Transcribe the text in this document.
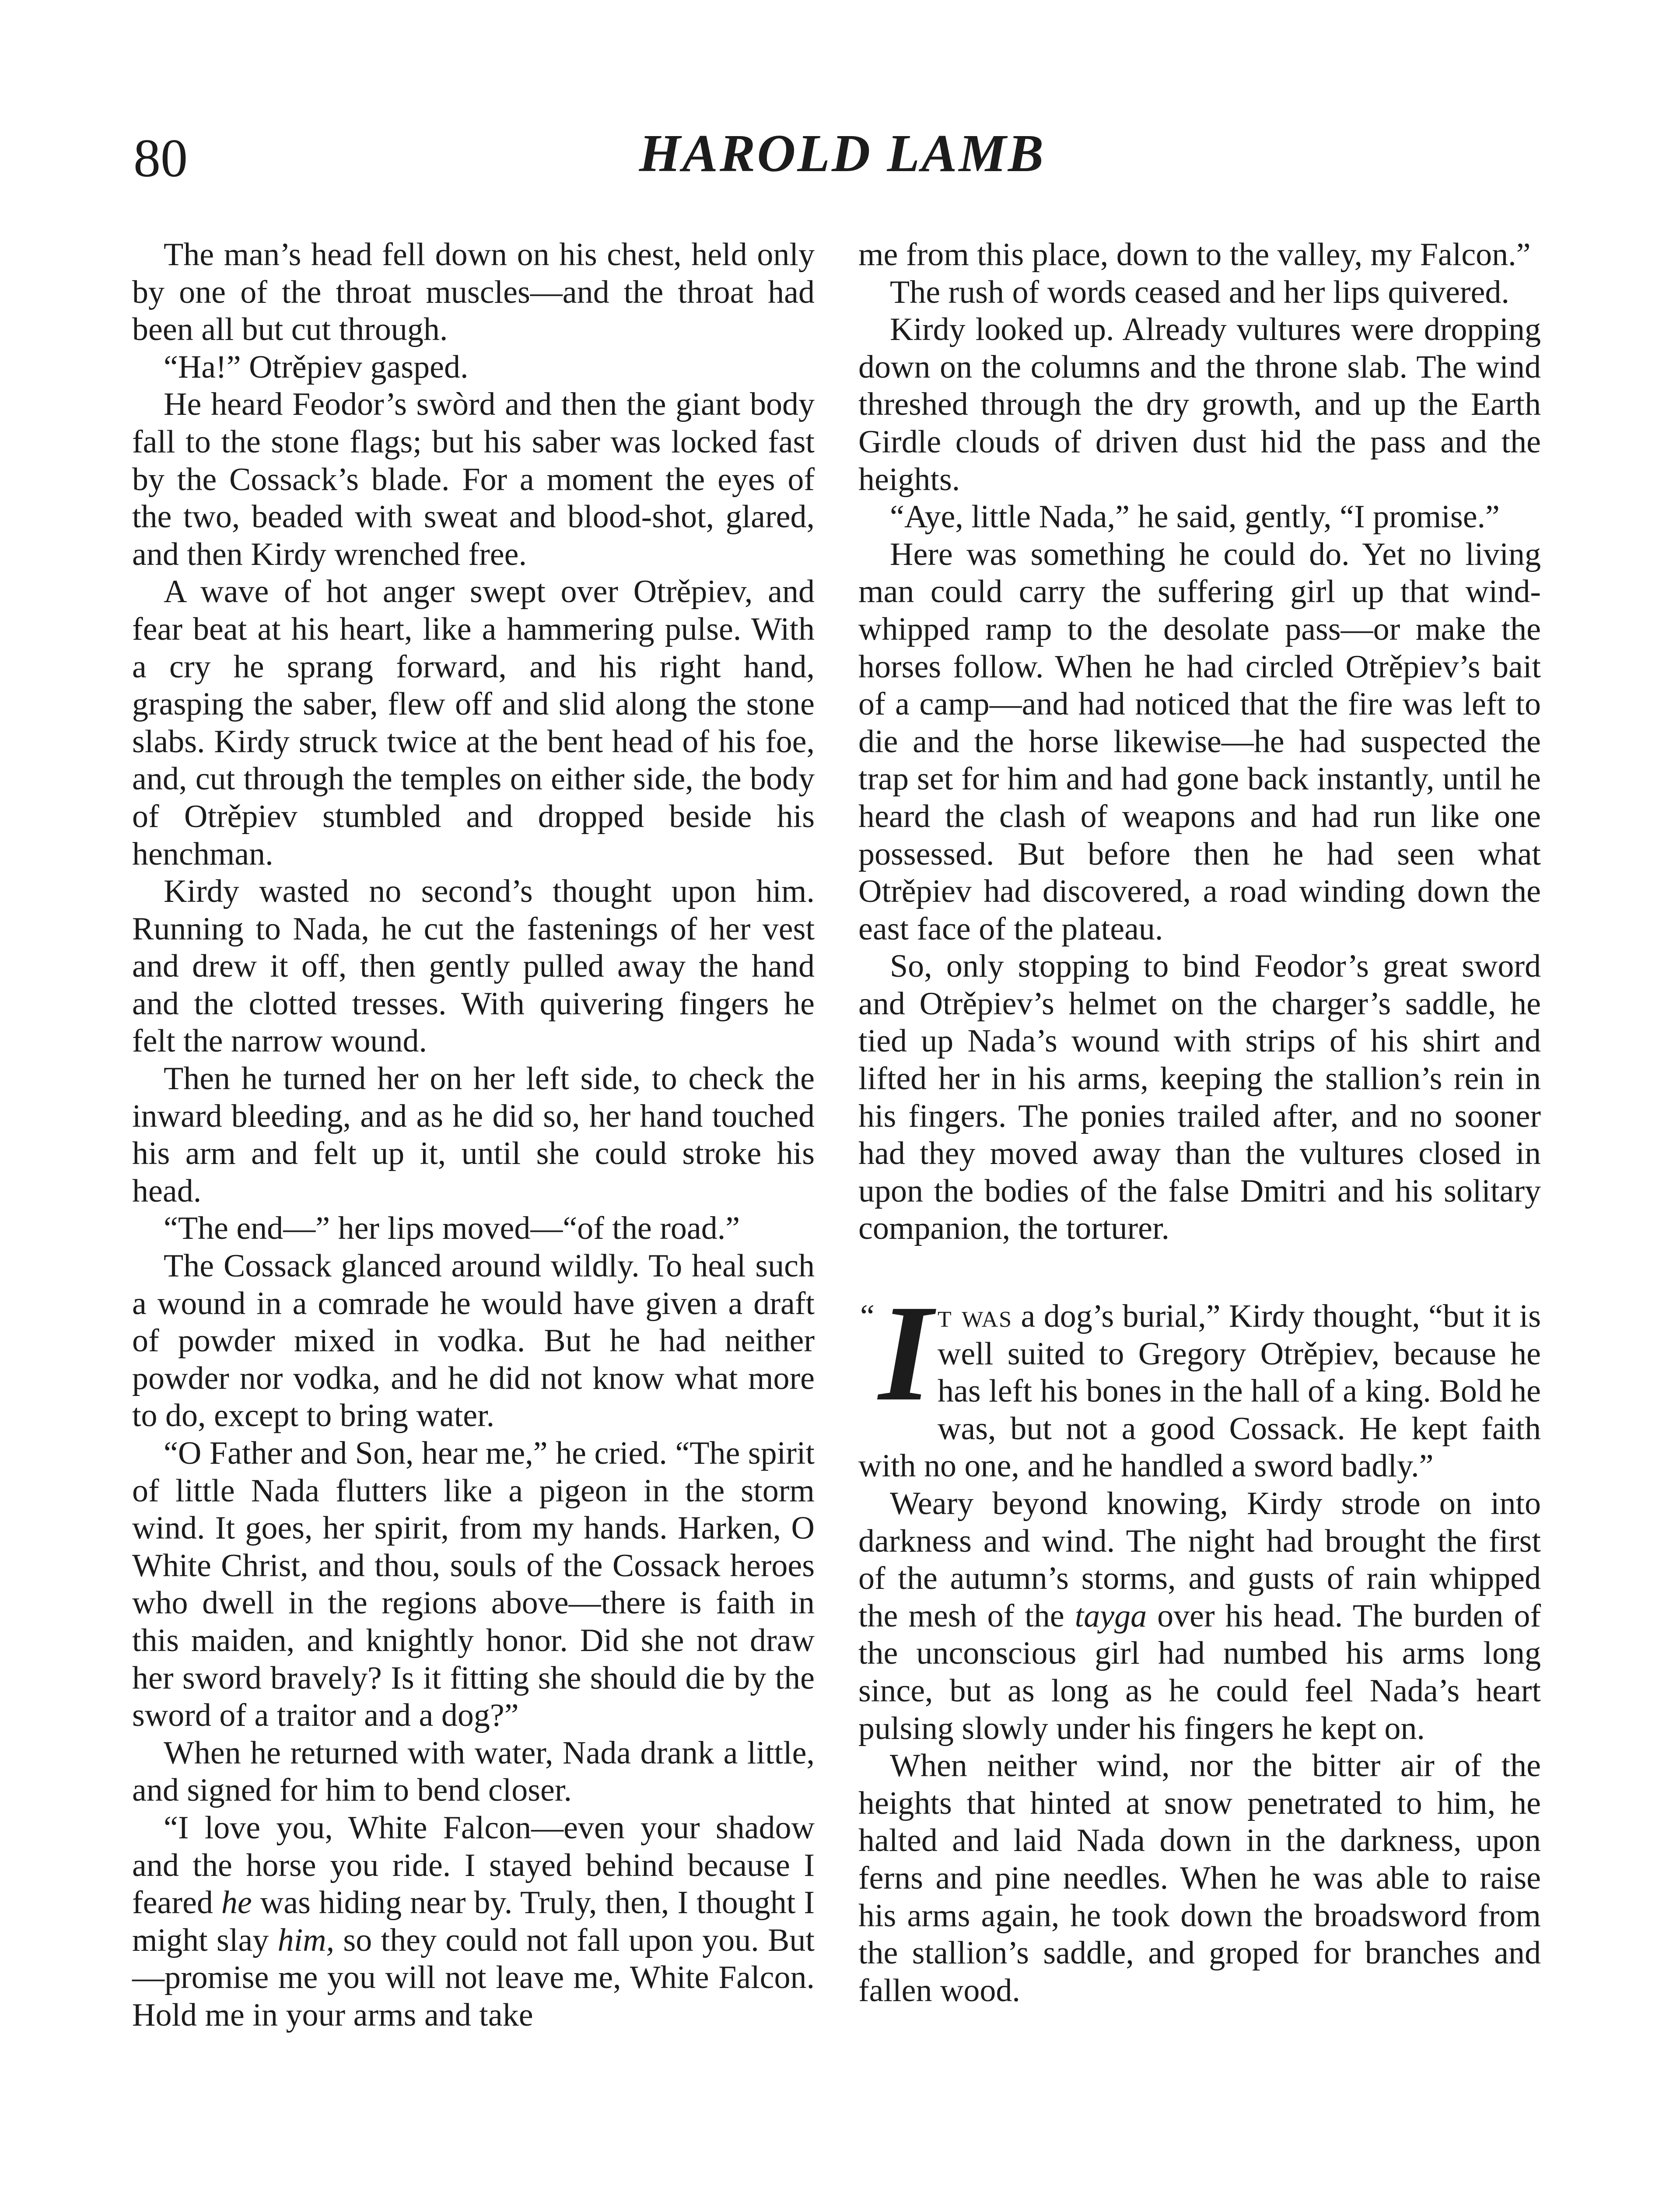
80	HAROLD LAMB

The man’s head fell down on his chest, held only by one of the throat muscles—and the throat had been all but cut through.

“Ha!” Otrěpiev gasped.

He heard Feodor’s swòrd and then the giant body fall to the stone flags; but his saber was locked fast by the Cossack’s blade. For a moment the eyes of the two, beaded with sweat and blood-shot, glared, and then Kirdy wrenched free.

A wave of hot anger swept over Otrěpiev, and fear beat at his heart, like a hammering pulse. With a cry he sprang forward, and his right hand, grasping the saber, flew off and slid along the stone slabs. Kirdy struck twice at the bent head of his foe, and, cut through the temples on either side, the body of Otrěpiev stumbled and dropped beside his henchman.

Kirdy wasted no second’s thought upon him. Running to Nada, he cut the fastenings of her vest and drew it off, then gently pulled away the hand and the clotted tresses. With quivering fingers he felt the narrow wound.

Then he turned her on her left side, to check the inward bleeding, and as he did so, her hand touched his arm and felt up it, until she could stroke his head.

“The end—” her lips moved—“of the road.”

The Cossack glanced around wildly. To heal such a wound in a comrade he would have given a draft of powder mixed in vodka. But he had neither powder nor vodka, and he did not know what more to do, except to bring water.

“O Father and Son, hear me,” he cried. “The spirit of little Nada flutters like a pigeon in the storm wind. It goes, her spirit, from my hands. Harken, O White Christ, and thou, souls of the Cossack heroes who dwell in the regions above—there is faith in this maiden, and knightly honor. Did she not draw her sword bravely? Is it fitting she should die by the sword of a traitor and a dog?”

When he returned with water, Nada drank a little, and signed for him to bend closer.

“I love you, White Falcon—even your shadow and the horse you ride. I stayed behind because I feared he was hiding near by. Truly, then, I thought I might slay him, so they could not fall upon you. But —promise me you will not leave me, White Falcon. Hold me in your arms and take

me from this place, down to the valley, my Falcon.”

The rush of words ceased and her lips quivered.

Kirdy looked up. Already vultures were dropping down on the columns and the throne slab. The wind threshed through the dry growth, and up the Earth Girdle clouds of driven dust hid the pass and the heights.

“Aye, little Nada,” he said, gently, “I promise.”

Here was something he could do. Yet no living man could carry the suffering girl up that wind-whipped ramp to the desolate pass—or make the horses follow. When he had circled Otrěpiev’s bait of a camp—and had noticed that the fire was left to die and the horse likewise—he had suspected the trap set for him and had gone back instantly, until he heard the clash of weapons and had run like one possessed. But before then he had seen what Otrěpiev had discovered, a road winding down the east face of the plateau.

So, only stopping to bind Feodor’s great sword and Otrěpiev’s helmet on the charger’s saddle, he tied up Nada’s wound with strips of his shirt and lifted her in his arms, keeping the stallion’s rein in his fingers. The ponies trailed after, and no sooner had they moved away than the vultures closed in upon the bodies of the false Dmitri and his solitary companion, the torturer.

“ It was a dog’s burial,” Kirdy thought, “but it is well suited to Gregory Otrěpiev, because he has left his bones in the hall of a king. Bold he was, but not a good Cossack. He kept faith with no one, and he handled a sword badly.”

Weary beyond knowing, Kirdy strode on into darkness and wind. The night had brought the first of the autumn’s storms, and gusts of rain whipped the mesh of the tayga over his head. The burden of the unconscious girl had numbed his arms long since, but as long as he could feel Nada’s heart pulsing slowly under his fingers he kept on.

When neither wind, nor the bitter air of the heights that hinted at snow penetrated to him, he halted and laid Nada down in the darkness, upon ferns and pine needles. When he was able to raise his arms again, he took down the broadsword from the stallion’s saddle, and groped for branches and fallen wood.
